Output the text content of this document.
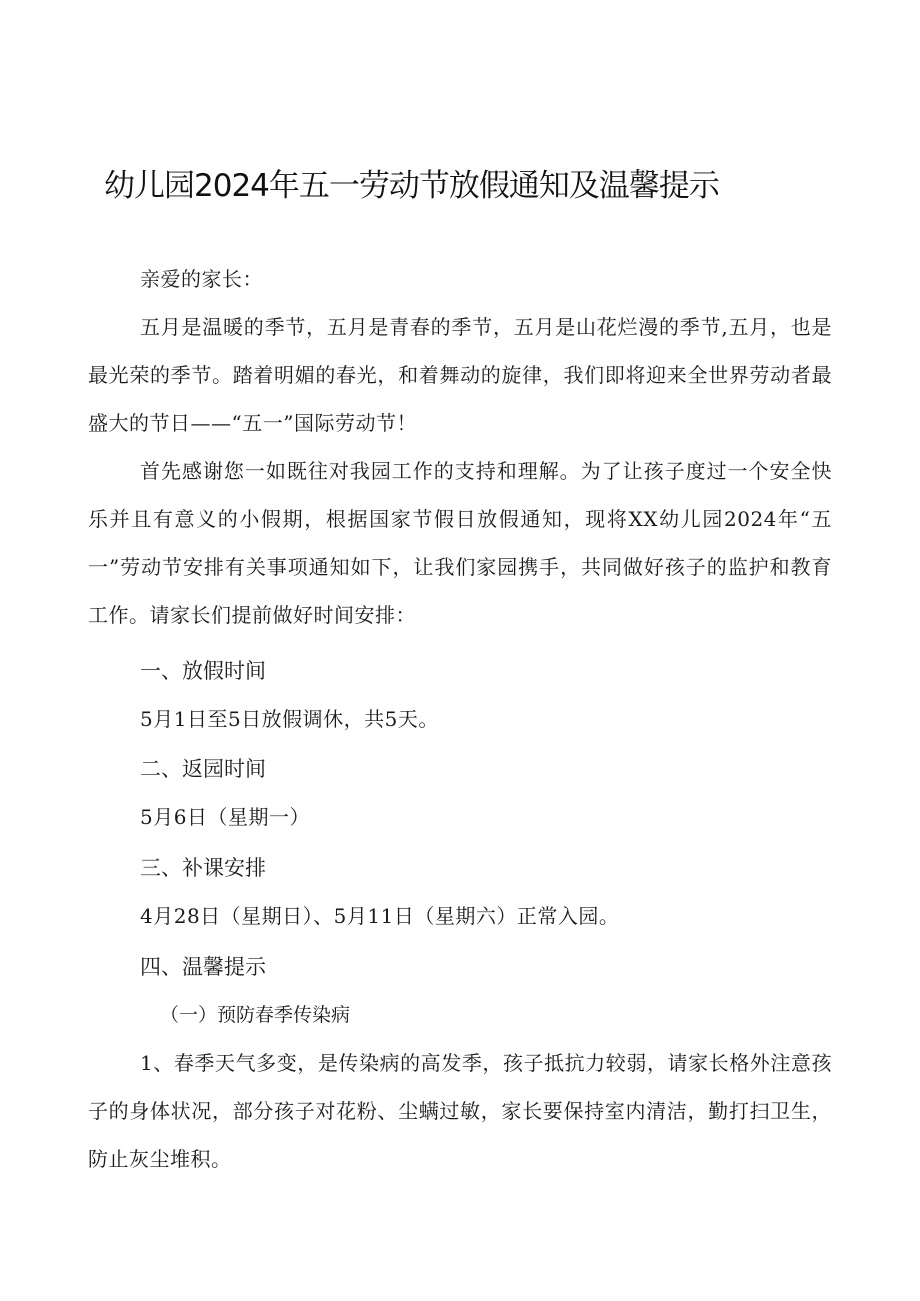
幼儿园2024年五一劳动节放假通知及温馨提示

亲爱的家长：

五月是温暖的季节，五月是青春的季节，五月是山花烂漫的季节,五月，也是最光荣的季节。踏着明媚的春光，和着舞动的旋律，我们即将迎来全世界劳动者最盛大的节日——“五一”国际劳动节！

首先感谢您一如既往对我园工作的支持和理解。为了让孩子度过一个安全快乐并且有意义的小假期，根据国家节假日放假通知，现将XX幼儿园2024年“五一”劳动节安排有关事项通知如下，让我们家园携手，共同做好孩子的监护和教育工作。请家长们提前做好时间安排：

一、放假时间

5月1日至5日放假调休，共5天。

二、返园时间

5月6日（星期一）

三、补课安排

4月28日（星期日）、5月11日（星期六）正常入园。

四、温馨提示

（一）预防春季传染病

1、春季天气多变，是传染病的高发季，孩子抵抗力较弱，请家长格外注意孩子的身体状况，部分孩子对花粉、尘螨过敏，家长要保持室内清洁，勤打扫卫生，防止灰尘堆积。
